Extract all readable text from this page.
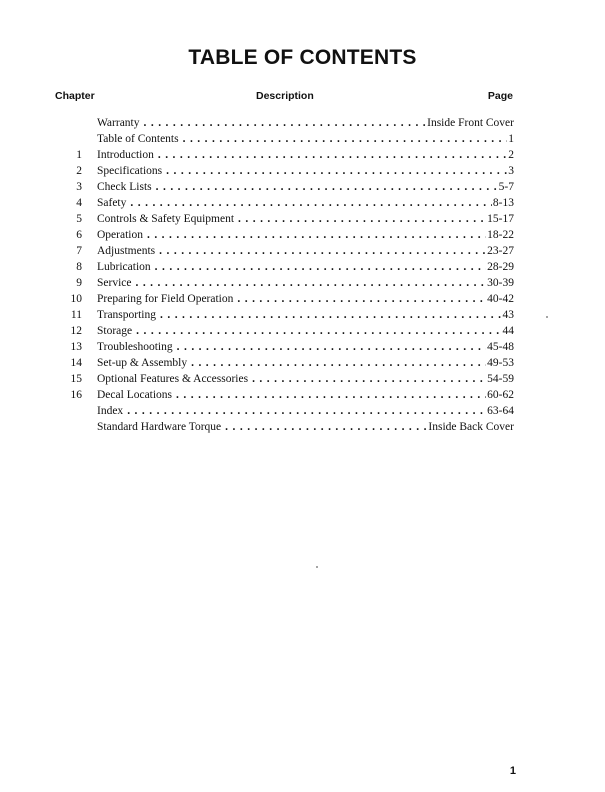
TABLE OF CONTENTS
Chapter	Description	Page
Warranty . . .	Inside Front Cover
Table of Contents . . .	1
1 Introduction . . .	2
2 Specifications . . .	3
3 Check Lists . . .	5-7
4 Safety . . .	8-13
5 Controls & Safety Equipment . . .	15-17
6 Operation . . .	18-22
7 Adjustments . . .	23-27
8 Lubrication . . .	28-29
9 Service . . .	30-39
10 Preparing for Field Operation . . .	40-42
11 Transporting . . .	43
12 Storage . . .	44
13 Troubleshooting . . .	45-48
14 Set-up & Assembly . . .	49-53
15 Optional Features & Accessories . . .	54-59
16 Decal Locations . . .	60-62
Index . . .	63-64
Standard Hardware Torque . . .	Inside Back Cover
1
